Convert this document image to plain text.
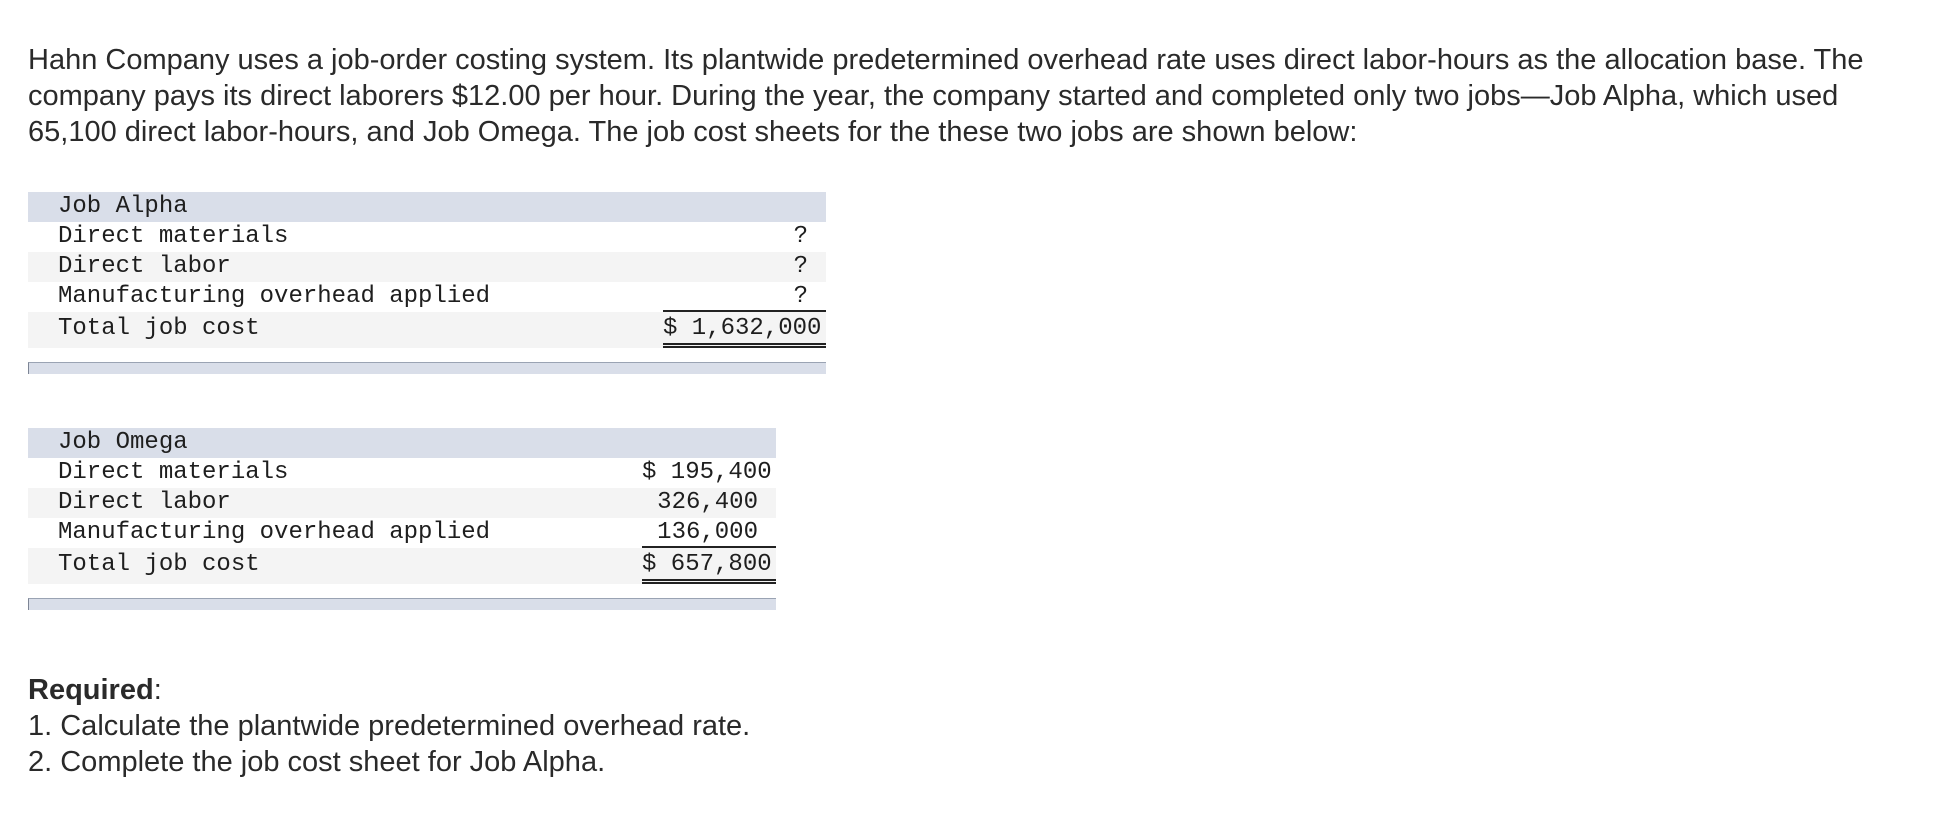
Hahn Company uses a job-order costing system. Its plantwide predetermined overhead rate uses direct labor-hours as the allocation base. The company pays its direct laborers $12.00 per hour. During the year, the company started and completed only two jobs—Job Alpha, which used 65,100 direct labor-hours, and Job Omega. The job cost sheets for the these two jobs are shown below:

Job Alpha
Direct materials	?
Direct labor	?
Manufacturing overhead applied	?
Total job cost	$ 1,632,000
Job Omega
Direct materials	$ 195,400
Direct labor	326,400
Manufacturing overhead applied	136,000
Total job cost	$ 657,800
Required:
1. Calculate the plantwide predetermined overhead rate.
2. Complete the job cost sheet for Job Alpha.
